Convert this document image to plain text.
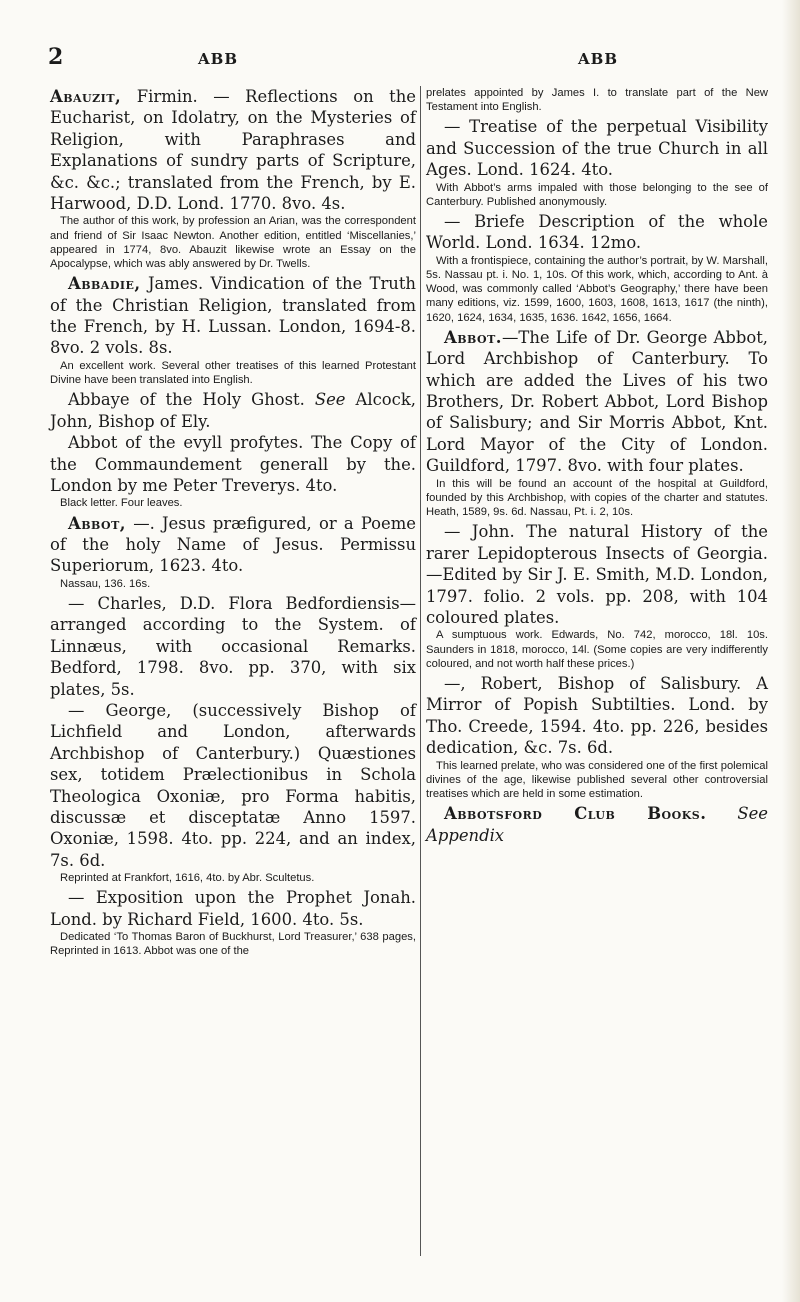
2	ABB	ABB

Abauzit, Firmin. — Reflections on the Eucharist, on Idolatry, on the Mysteries of Religion, with Paraphrases and Explanations of sundry parts of Scripture, &c. &c.; translated from the French, by E. Harwood, D.D. Lond. 1770. 8vo. 4s.

The author of this work, by profession an Arian, was the correspondent and friend of Sir Isaac Newton. Another edition, entitled ‘Miscellanies,’ appeared in 1774, 8vo. Abauzit likewise wrote an Essay on the Apocalypse, which was ably answered by Dr. Twells.

Abbadie, James. Vindication of the Truth of the Christian Religion, translated from the French, by H. Lussan. London, 1694-8. 8vo. 2 vols. 8s.

An excellent work. Several other treatises of this learned Protestant Divine have been translated into English.

Abbaye of the Holy Ghost. See Alcock, John, Bishop of Ely.

Abbot of the evyll profytes. The Copy of the Commaundement generall by the. London by me Peter Treverys. 4to.

Black letter. Four leaves.

Abbot, —. Jesus præfigured, or a Poeme of the holy Name of Jesus. Permissu Superiorum, 1623. 4to.

Nassau, 136. 16s.

— Charles, D.D. Flora Bedfordiensis—arranged according to the System. of Linnæus, with occasional Remarks. Bedford, 1798. 8vo. pp. 370, with six plates, 5s.

— George, (successively Bishop of Lichfield and London, afterwards Archbishop of Canterbury.) Quæstiones sex, totidem Prælectionibus in Schola Theologica Oxoniæ, pro Forma habitis, discussæ et disceptatæ Anno 1597. Oxoniæ, 1598. 4to. pp. 224, and an index, 7s. 6d.

Reprinted at Frankfort, 1616, 4to. by Abr. Scultetus.

— Exposition upon the Prophet Jonah. Lond. by Richard Field, 1600. 4to. 5s.

Dedicated ‘To Thomas Baron of Buckhurst, Lord Treasurer,’ 638 pages, Reprinted in 1613. Abbot was one of the

prelates appointed by James I. to translate part of the New Testament into English.

— Treatise of the perpetual Visibility and Succession of the true Church in all Ages. Lond. 1624. 4to.

With Abbot’s arms impaled with those belonging to the see of Canterbury. Published anonymously.

— Briefe Description of the whole World. Lond. 1634. 12mo.

With a frontispiece, containing the author’s portrait, by W. Marshall, 5s. Nassau pt. i. No. 1, 10s. Of this work, which, according to Ant. à Wood, was commonly called ‘Abbot’s Geography,’ there have been many editions, viz. 1599, 1600, 1603, 1608, 1613, 1617 (the ninth), 1620, 1624, 1634, 1635, 1636. 1642, 1656, 1664.

Abbot.—The Life of Dr. George Abbot, Lord Archbishop of Canterbury. To which are added the Lives of his two Brothers, Dr. Robert Abbot, Lord Bishop of Salisbury; and Sir Morris Abbot, Knt. Lord Mayor of the City of London. Guildford, 1797. 8vo. with four plates.

In this will be found an account of the hospital at Guildford, founded by this Archbishop, with copies of the charter and statutes. Heath, 1589, 9s. 6d. Nassau, Pt. i. 2, 10s.

— John. The natural History of the rarer Lepidopterous Insects of Georgia.—Edited by Sir J. E. Smith, M.D. London, 1797. folio. 2 vols. pp. 208, with 104 coloured plates.

A sumptuous work. Edwards, No. 742, morocco, 18l. 10s. Saunders in 1818, morocco, 14l. (Some copies are very indifferently coloured, and not worth half these prices.)

—, Robert, Bishop of Salisbury. A Mirror of Popish Subtilties. Lond. by Tho. Creede, 1594. 4to. pp. 226, besides dedication, &c. 7s. 6d.

This learned prelate, who was considered one of the first polemical divines of the age, likewise published several other controversial treatises which are held in some estimation.

Abbotsford Club Books. See Appendix
